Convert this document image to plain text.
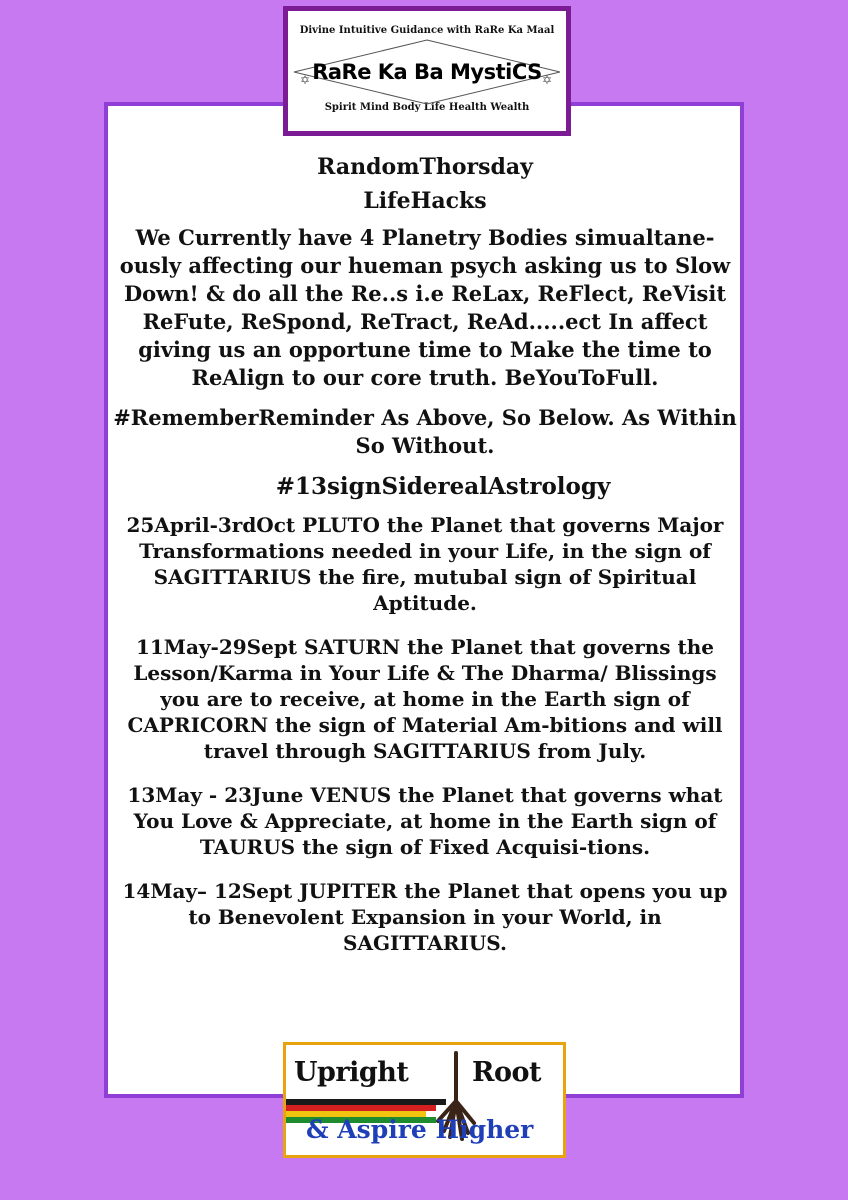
Divine Intuitive Guidance with RaRe Ka Maal
✡	✡
RaRe Ka Ba MystiCS
Spirit Mind Body Life Health Wealth
RandomThorsday
LifeHacks
We Currently have 4 Planetry Bodies simualtane-ously affecting our hueman psych asking us to Slow Down! & do all the Re..s i.e ReLax, ReFlect, ReVisit ReFute, ReSpond, ReTract, ReAd.....ect In affect giving us an opportune time to Make the time to ReAlign to our core truth. BeYouToFull.
#RememberReminder As Above, So Below. As Within So Without.
#13signSiderealAstrology
25April-3rdOct PLUTO the Planet that governs Major Transformations needed in your Life, in the sign of SAGITTARIUS the fire, mutubal sign of Spiritual Aptitude.
11May-29Sept SATURN the Planet that governs the Lesson/Karma in Your Life & The Dharma/ Blissings you are to receive, at home in the Earth sign of CAPRICORN the sign of Material Am-bitions and will travel through SAGITTARIUS from July.
13May - 23June VENUS the Planet that governs what You Love & Appreciate, at home in the Earth sign of TAURUS the sign of Fixed Acquisi-tions.
14May– 12Sept JUPITER the Planet that opens you up to Benevolent Expansion in your World, in SAGITTARIUS.
Upright Root
& Aspire Higher
